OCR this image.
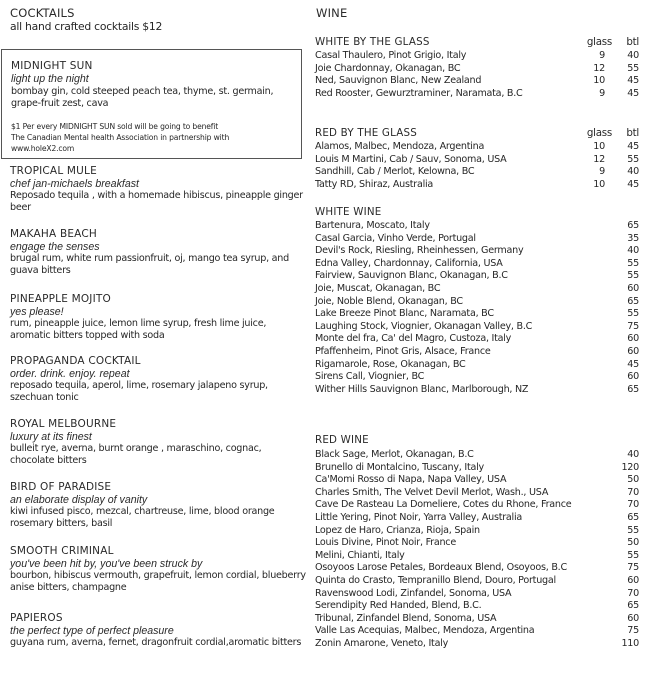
COCKTAILS
all hand crafted cocktails $12
MIDNIGHT SUN
light up the night
bombay gin, cold steeped peach tea, thyme, st. germain, grape-fruit zest, cava
$1 Per every MIDNIGHT SUN sold will be going to benefit
The Canadian Mental health Association in partnership with
www.holeX2.com
TROPICAL MULE
chef jan-michaels breakfast
Reposado tequila , with a homemade hibiscus, pineapple ginger beer
MAKAHA BEACH
engage the senses
brugal rum, white rum passionfruit, oj, mango tea syrup, and guava bitters
PINEAPPLE MOJITO
yes please!
rum, pineapple juice, lemon lime syrup, fresh lime juice, aromatic bitters topped with soda
PROPAGANDA COCKTAIL
order. drink. enjoy. repeat
reposado tequila, aperol, lime, rosemary jalapeno syrup, szechuan tonic
ROYAL MELBOURNE
luxury at its finest
bulleit rye, averna, burnt orange , maraschino, cognac, chocolate bitters
BIRD OF PARADISE
an elaborate display of vanity
kiwi infused pisco, mezcal, chartreuse, lime, blood orange rosemary bitters, basil
SMOOTH CRIMINAL
you've been hit by, you've been struck by
bourbon, hibiscus vermouth, grapefruit, lemon cordial, blueberry anise bitters, champagne
PAPIEROS
the perfect type of perfect pleasure
guyana rum, averna, fernet, dragonfruit cordial,aromatic bitters
WINE
WHITE BY THE GLASS	glass btl
Casal Thaulero, Pinot Grigio, Italy	9	40
Joie Chardonnay, Okanagan, BC	12	55
Ned, Sauvignon Blanc, New Zealand	10	45
Red Rooster, Gewurztraminer, Naramata, B.C	9	45
RED BY THE GLASS	glass btl
Alamos, Malbec, Mendoza, Argentina	10	45
Louis M Martini, Cab / Sauv, Sonoma, USA	12	55
Sandhill, Cab / Merlot, Kelowna, BC	9	40
Tatty RD, Shiraz, Australia	10	45
WHITE WINE
Bartenura, Moscato, Italy	65
Casal Garcia, Vinho Verde, Portugal	35
Devil's Rock, Riesling, Rheinhessen, Germany	40
Edna Valley, Chardonnay, California, USA	55
Fairview, Sauvignon Blanc, Okanagan, B.C	55
Joie, Muscat, Okanagan, BC	60
Joie, Noble Blend, Okanagan, BC	65
Lake Breeze Pinot Blanc, Naramata, BC	55
Laughing Stock, Viognier, Okanagan Valley, B.C	75
Monte del fra, Ca' del Magro, Custoza, Italy	60
Pfaffenheim, Pinot Gris, Alsace, France	60
Rigamarole, Rose, Okanagan, BC	45
Sirens Call, Viognier, BC	60
Wither Hills Sauvignon Blanc, Marlborough, NZ	65
RED WINE
Black Sage, Merlot, Okanagan, B.C	40
Brunello di Montalcino, Tuscany, Italy	120
Ca'Momi Rosso di Napa, Napa Valley, USA	50
Charles Smith, The Velvet Devil Merlot, Wash., USA	70
Cave De Rasteau La Domeliere, Cotes du Rhone, France	70
Little Yering, Pinot Noir, Yarra Valley, Australia	65
Lopez de Haro, Crianza, Rioja, Spain	55
Louis Divine, Pinot Noir, France	50
Melini, Chianti, Italy	55
Osoyoos Larose Petales, Bordeaux Blend, Osoyoos, B.C	75
Quinta do Crasto, Tempranillo Blend, Douro, Portugal	60
Ravenswood Lodi, Zinfandel, Sonoma, USA	70
Serendipity Red Handed, Blend, B.C.	65
Tribunal, Zinfandel Blend, Sonoma, USA	60
Valle Las Acequias, Malbec, Mendoza, Argentina	75
Zonin Amarone, Veneto, Italy	110
